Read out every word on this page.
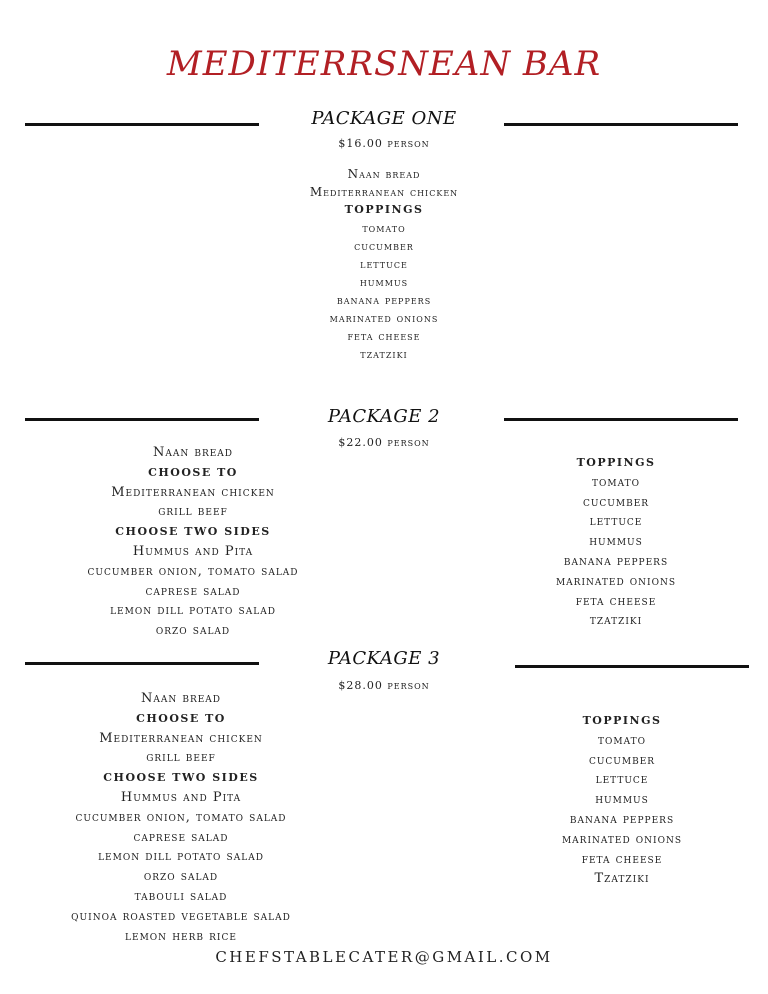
MEDITERRSNEAN BAR
PACKAGE ONE
$16.00 person
Naan bread
Mediterranean chicken
TOPPINGS
tomato
cucumber
lettuce
hummus
banana peppers
marinated onions
feta cheese
tzatziki
PACKAGE 2
$22.00 person
Naan bread
CHOOSE TO
Mediterranean chicken
grill beef
CHOOSE TWO SIDES
Hummus and Pita
cucumber onion, tomato salad
caprese salad
lemon dill potato salad
orzo salad
TOPPINGS
tomato
cucumber
lettuce
hummus
banana peppers
marinated onions
feta cheese
tzatziki
PACKAGE 3
$28.00 person
Naan bread
CHOOSE TO
Mediterranean chicken
grill beef
CHOOSE TWO SIDES
Hummus and Pita
cucumber onion, tomato salad
caprese salad
lemon dill potato salad
orzo salad
tabouli salad
quinoa roasted vegetable salad
lemon herb rice
TOPPINGS
tomato
cucumber
lettuce
hummus
banana peppers
marinated onions
feta cheese
Tzatziki
CHEFSTABLECATER@GMAIL.COM
